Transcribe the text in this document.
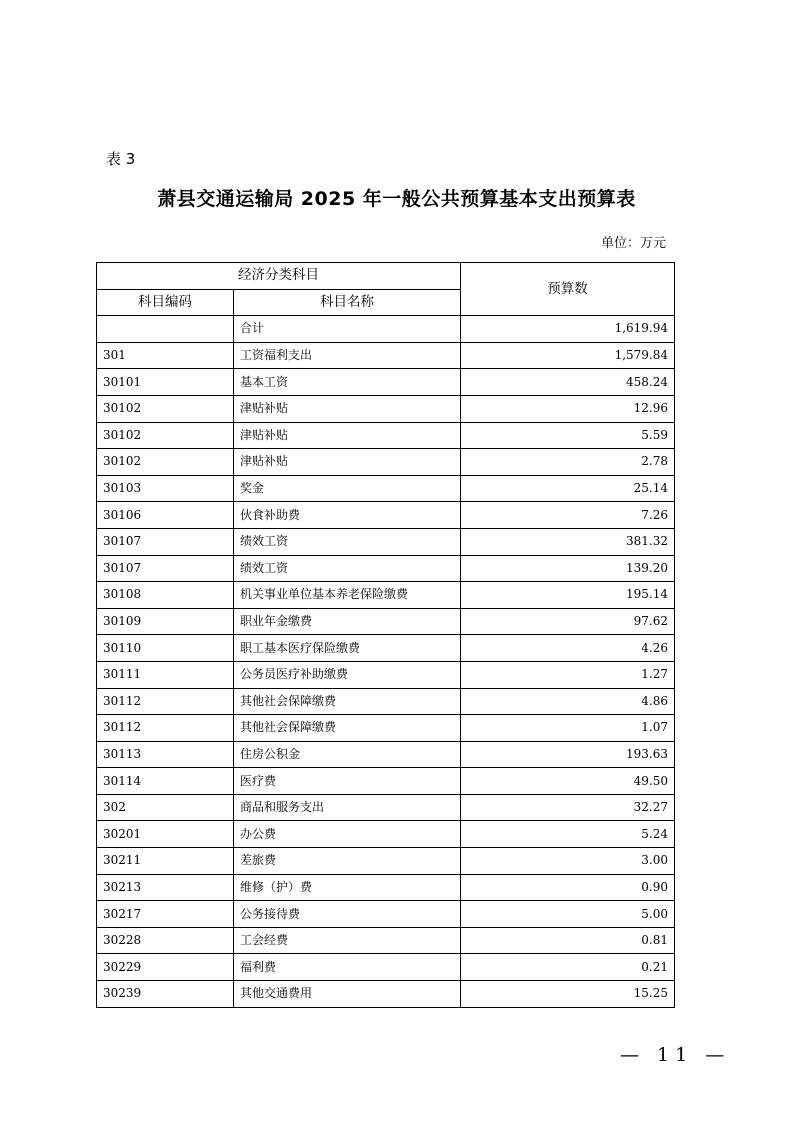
表 3
萧县交通运输局 2025 年一般公共预算基本支出预算表
单位：万元
经济分类科目		预算数
科目编码	科目名称	
	合计	1,619.94
301	工资福利支出	1,579.84
30101	基本工资	458.24
30102	津贴补贴	12.96
30102	津贴补贴	5.59
30102	津贴补贴	2.78
30103	奖金	25.14
30106	伙食补助费	7.26
30107	绩效工资	381.32
30107	绩效工资	139.20
30108	机关事业单位基本养老保险缴费	195.14
30109	职业年金缴费	97.62
30110	职工基本医疗保险缴费	4.26
30111	公务员医疗补助缴费	1.27
30112	其他社会保障缴费	4.86
30112	其他社会保障缴费	1.07
30113	住房公积金	193.63
30114	医疗费	49.50
302	商品和服务支出	32.27
30201	办公费	5.24
30211	差旅费	3.00
30213	维修（护）费	0.90
30217	公务接待费	5.00
30228	工会经费	0.81
30229	福利费	0.21
30239	其他交通费用	15.25
— 11 —
